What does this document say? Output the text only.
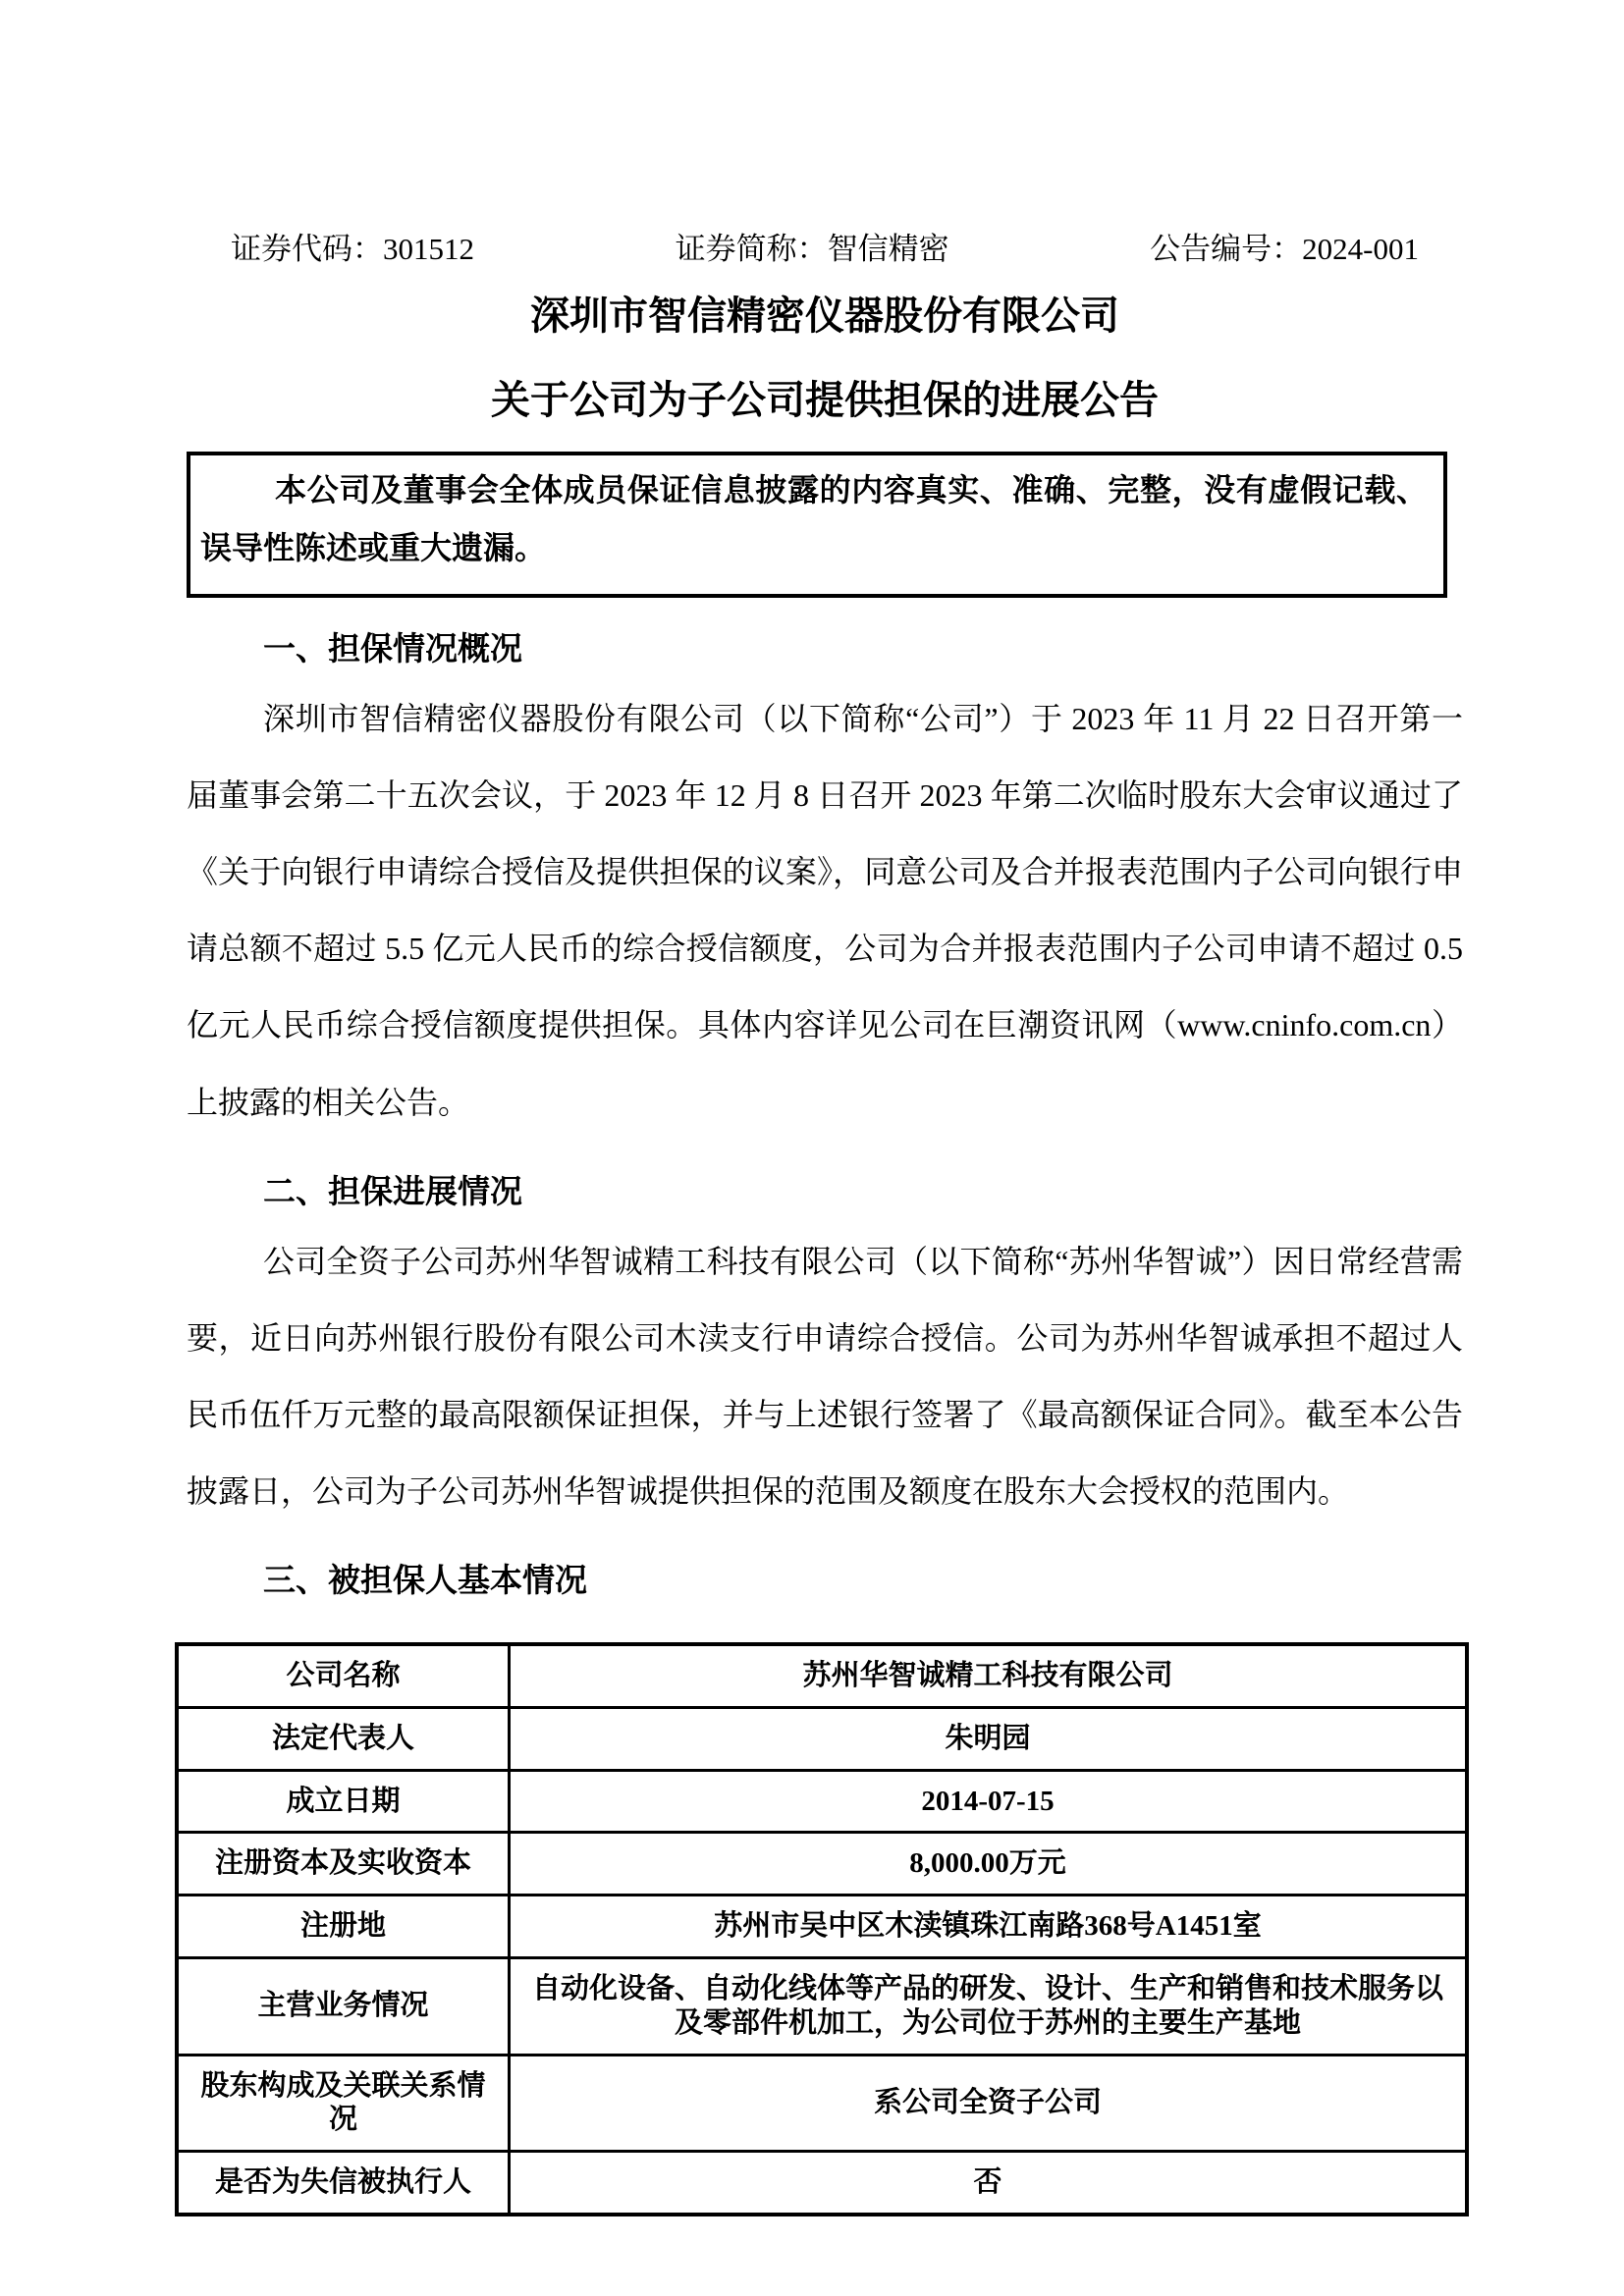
证券代码：301512	证券简称：智信精密	公告编号：2024-001
深圳市智信精密仪器股份有限公司
关于公司为子公司提供担保的进展公告

本公司及董事会全体成员保证信息披露的内容真实、准确、完整，没有虚假记载、误导性陈述或重大遗漏。

一、担保情况概况

深圳市智信精密仪器股份有限公司（以下简称“公司”）于 2023 年 11 月 22 日召开第一届董事会第二十五次会议，于 2023 年 12 月 8 日召开 2023 年第二次临时股东大会审议通过了《关于向银行申请综合授信及提供担保的议案》，同意公司及合并报表范围内子公司向银行申请总额不超过 5.5 亿元人民币的综合授信额度，公司为合并报表范围内子公司申请不超过 0.5 亿元人民币综合授信额度提供担保。具体内容详见公司在巨潮资讯网（www.cninfo.com.cn）上披露的相关公告。

二、担保进展情况

公司全资子公司苏州华智诚精工科技有限公司（以下简称“苏州华智诚”）因日常经营需要，近日向苏州银行股份有限公司木渎支行申请综合授信。公司为苏州华智诚承担不超过人民币伍仟万元整的最高限额保证担保，并与上述银行签署了《最高额保证合同》。截至本公告披露日，公司为子公司苏州华智诚提供担保的范围及额度在股东大会授权的范围内。

三、被担保人基本情况
公司名称	苏州华智诚精工科技有限公司
法定代表人	朱明园
成立日期	2014-07-15
注册资本及实收资本	8,000.00万元
注册地	苏州市吴中区木渎镇珠江南路368号A1451室
主营业务情况	自动化设备、自动化线体等产品的研发、设计、生产和销售和技术服务以及零部件机加工，为公司位于苏州的主要生产基地
股东构成及关联关系情况	系公司全资子公司
是否为失信被执行人	否
